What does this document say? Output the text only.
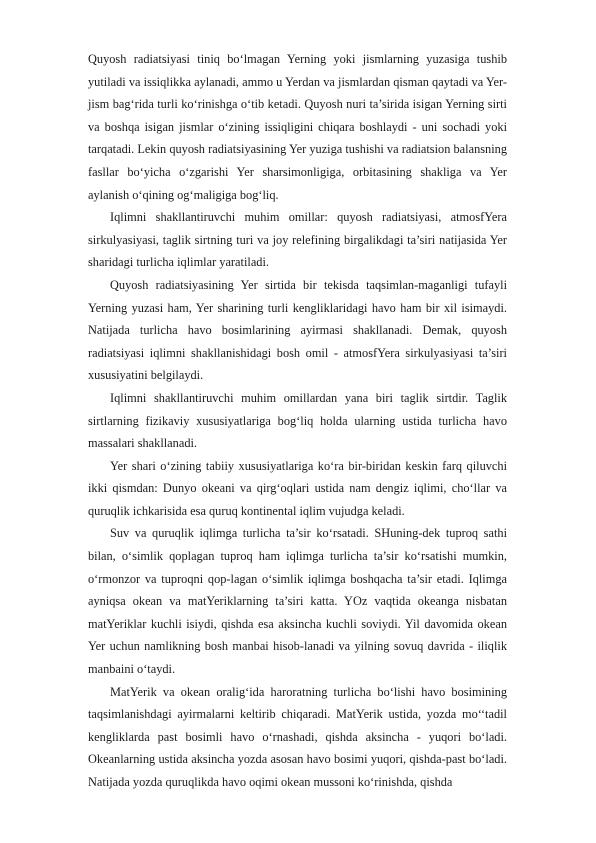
Quyosh radiatsiyasi tiniq bo‘lmagan Yerning yoki jismlarning yuzasiga tushib yutiladi va issiqlikka aylanadi, ammo u Yerdan va jismlardan qisman qaytadi va Yer-jism bag‘rida turli ko‘rinishga o‘tib ketadi. Quyosh nuri ta’sirida isigan Yerning sirti va boshqa isigan jismlar o‘zining issiqligini chiqara boshlaydi - uni sochadi yoki tarqatadi. Lekin quyosh radiatsiyasining Yer yuziga tushishi va radiatsion balansning fasllar bo‘yicha o‘zgarishi Yer sharsimonligiga, orbitasining shakliga va Yer aylanish o‘qining og‘maligiga bog‘liq.

Iqlimni shakllantiruvchi muhim omillar: quyosh radiatsiyasi, atmosfYera sirkulyasiyasi, taglik sirtning turi va joy relefining birgalikdagi ta’siri natijasida Yer sharidagi turlicha iqlimlar yaratiladi.

Quyosh radiatsiyasining Yer sirtida bir tekisda taqsimlan-maganligi tufayli Yerning yuzasi ham, Yer sharining turli kengliklaridagi havo ham bir xil isimaydi. Natijada turlicha havo bosimlarining ayirmasi shakllanadi. Demak, quyosh radiatsiyasi iqlimni shakllanishidagi bosh omil - atmosfYera sirkulyasiyasi ta’siri xususiyatini belgilaydi.

Iqlimni shakllantiruvchi muhim omillardan yana biri taglik sirtdir. Taglik sirtlarning fizikaviy xususiyatlariga bog‘liq holda ularning ustida turlicha havo massalari shakllanadi.

Yer shari o‘zining tabiiy xususiyatlariga ko‘ra bir-biridan keskin farq qiluvchi ikki qismdan: Dunyo okeani va qirg‘oqlari ustida nam dengiz iqlimi, cho‘llar va quruqlik ichkarisida esa quruq kontinental iqlim vujudga keladi.

Suv va quruqlik iqlimga turlicha ta’sir ko‘rsatadi. SHuning-dek tuproq sathi bilan, o‘simlik qoplagan tuproq ham iqlimga turlicha ta’sir ko‘rsatishi mumkin, o‘rmonzor va tuproqni qop-lagan o‘simlik iqlimga boshqacha ta’sir etadi. Iqlimga ayniqsa okean va matYeriklarning ta’siri katta. YOz vaqtida okeanga nisbatan matYeriklar kuchli isiydi, qishda esa aksincha kuchli soviydi. Yil davomida okean Yer uchun namlikning bosh manbai hisob-lanadi va yilning sovuq davrida - iliqlik manbaini o‘taydi.

MatYerik va okean oralig‘ida haroratning turlicha bo‘lishi havo bosimining taqsimlanishdagi ayirmalarni keltirib chiqaradi. MatYerik ustida, yozda mo‘‘tadil kengliklarda past bosimli havo o‘rnashadi, qishda aksincha - yuqori bo‘ladi. Okeanlarning ustida aksincha yozda asosan havo bosimi yuqori, qishda-past bo‘ladi. Natijada yozda quruqlikda havo oqimi okean mussoni ko‘rinishda, qishda
